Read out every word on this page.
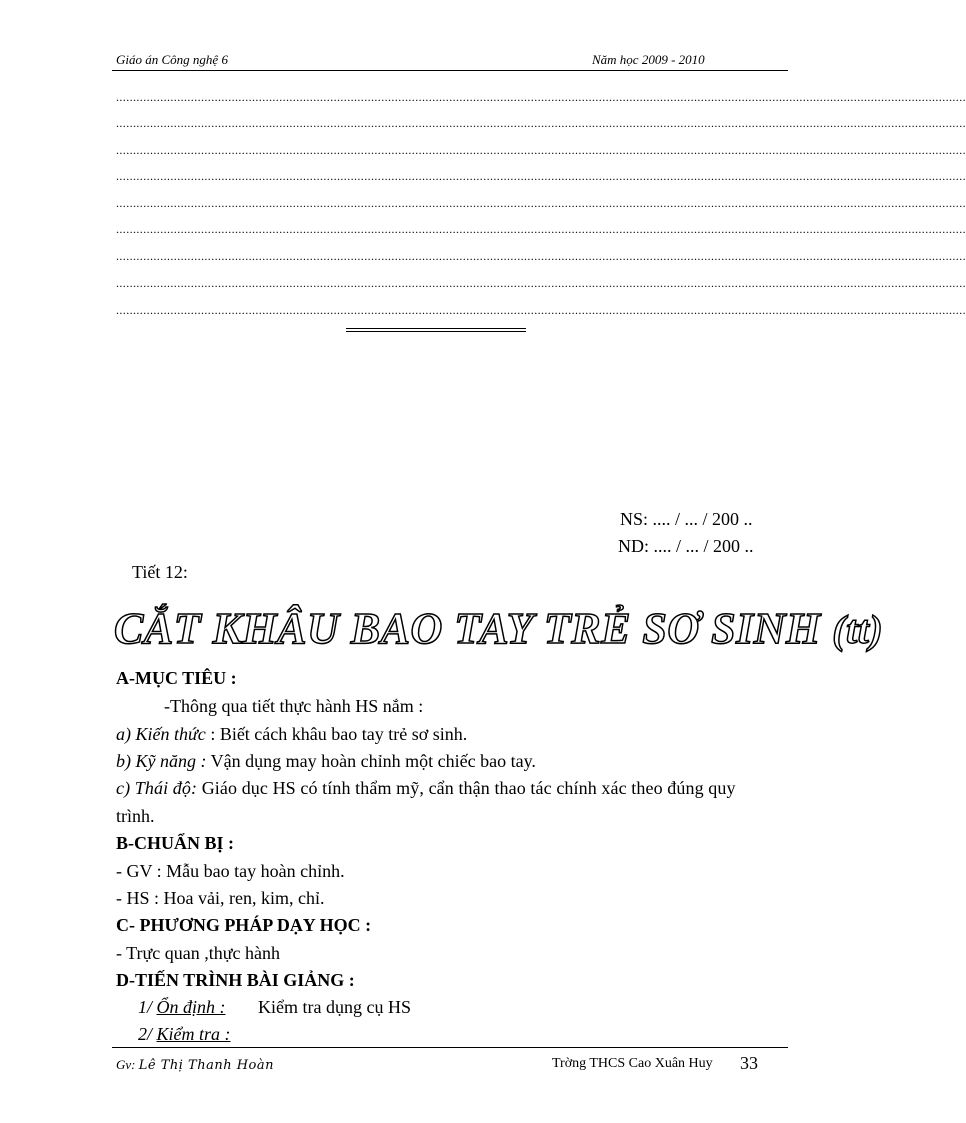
Giáo án Công nghệ 6	Năm học 2009 - 2010
..........................................................................................................................................................................................................................................................
..........................................................................................................................................................................................................................................................
..........................................................................................................................................................................................................................................................
..........................................................................................................................................................................................................................................................
..........................................................................................................................................................................................................................................................
..........................................................................................................................................................................................................................................................
..........................................................................................................................................................................................................................................................
..........................................................................................................................................................................................................................................................
..........................................................................................................................................................................................................................................................
NS: .... / ... / 200 ..
ND: .... / ... / 200 ..
Tiết 12:
CẮT KHÂU BAO TAY TRẺ SƠ SINH (tt)
A-MỤC TIÊU :
-Thông qua tiết thực hành HS nắm :
a) Kiến thức : Biết cách khâu bao tay trẻ sơ sinh.
b) Kỹ năng : Vận dụng may hoàn chỉnh một chiếc bao tay.
c) Thái độ: Giáo dục HS có tính thẩm mỹ, cẩn thận thao tác chính xác theo đúng quy
trình.
B-CHUẨN BỊ :
- GV : Mẫu bao tay hoàn chỉnh.
- HS : Hoa vải, ren, kim, chỉ.
C- PHƯƠNG PHÁP DẠY HỌC :
- Trực quan ,thực hành
D-TIẾN TRÌNH BÀI GIẢNG :
1/ Ổn định : Kiểm tra dụng cụ HS
2/ Kiểm tra :
Gv: Lê Thị Thanh Hoàn	Trờng THCS Cao Xuân Huy 33
